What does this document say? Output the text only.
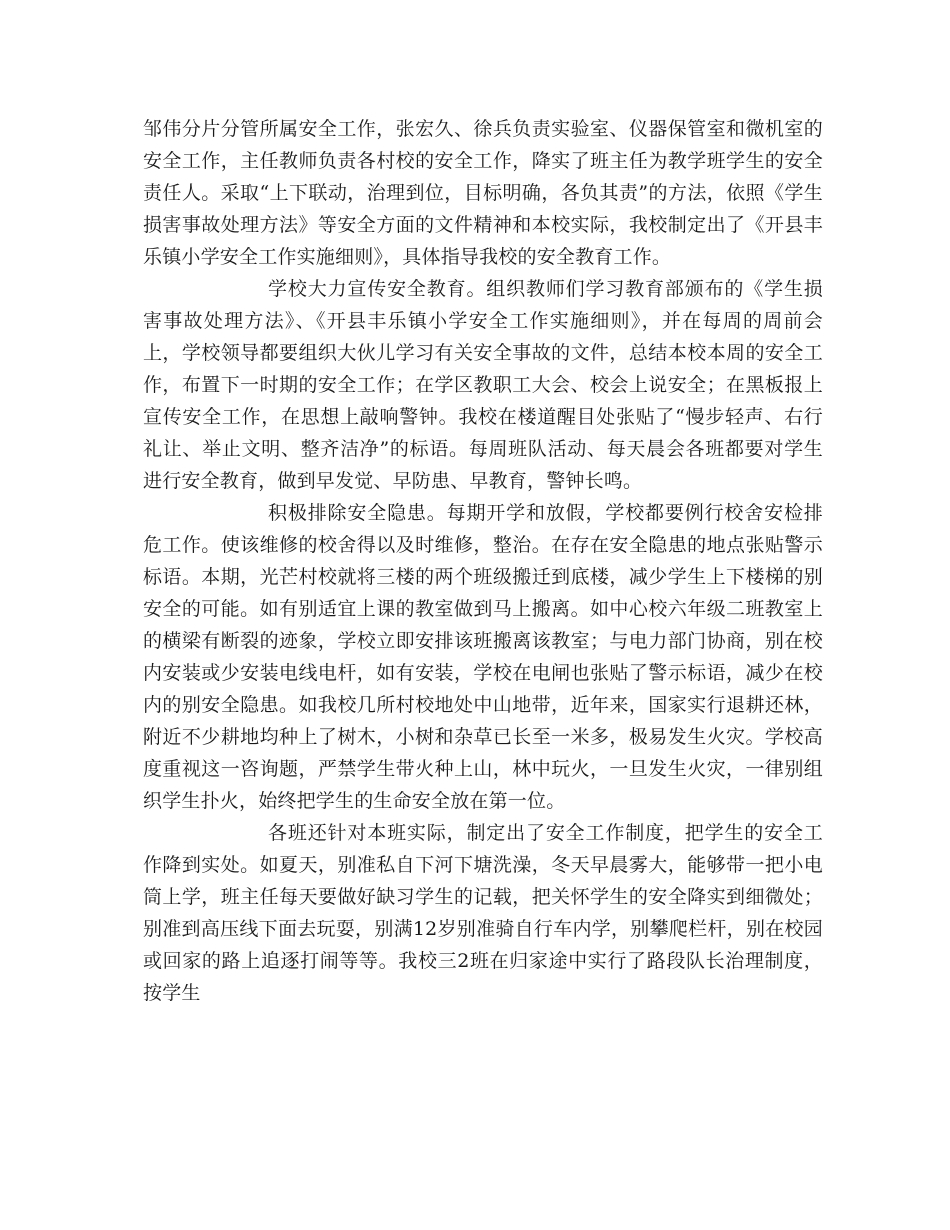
邹伟分片分管所属安全工作，张宏久、徐兵负责实验室、仪器保管室和微机室的安全工作，主任教师负责各村校的安全工作，降实了班主任为教学班学生的安全责任人。采取“上下联动，治理到位，目标明确，各负其责”的方法，依照《学生损害事故处理方法》等安全方面的文件精神和本校实际，我校制定出了《开县丰乐镇小学安全工作实施细则》，具体指导我校的安全教育工作。

学校大力宣传安全教育。组织教师们学习教育部颁布的《学生损害事故处理方法》、《开县丰乐镇小学安全工作实施细则》，并在每周的周前会上，学校领导都要组织大伙儿学习有关安全事故的文件，总结本校本周的安全工作，布置下一时期的安全工作；在学区教职工大会、校会上说安全；在黑板报上宣传安全工作，在思想上敲响警钟。我校在楼道醒目处张贴了“慢步轻声、右行礼让、举止文明、整齐洁净”的标语。每周班队活动、每天晨会各班都要对学生进行安全教育，做到早发觉、早防患、早教育，警钟长鸣。

积极排除安全隐患。每期开学和放假，学校都要例行校舍安检排危工作。使该维修的校舍得以及时维修，整治。在存在安全隐患的地点张贴警示标语。本期，光芒村校就将三楼的两个班级搬迁到底楼，减少学生上下楼梯的别安全的可能。如有别适宜上课的教室做到马上搬离。如中心校六年级二班教室上的横梁有断裂的迹象，学校立即安排该班搬离该教室；与电力部门协商，别在校内安装或少安装电线电杆，如有安装，学校在电闸也张贴了警示标语，减少在校内的别安全隐患。如我校几所村校地处中山地带，近年来，国家实行退耕还林，附近不少耕地均种上了树木，小树和杂草已长至一米多，极易发生火灾。学校高度重视这一咨询题，严禁学生带火种上山，林中玩火，一旦发生火灾，一律别组织学生扑火，始终把学生的生命安全放在第一位。

各班还针对本班实际，制定出了安全工作制度，把学生的安全工作降到实处。如夏天，别准私自下河下塘洗澡，冬天早晨雾大，能够带一把小电筒上学，班主任每天要做好缺习学生的记载，把关怀学生的安全降实到细微处；别准到高压线下面去玩耍，别满12岁别准骑自行车内学，别攀爬栏杆，别在校园或回家的路上追逐打闹等等。我校三2班在归家途中实行了路段队长治理制度，按学生
